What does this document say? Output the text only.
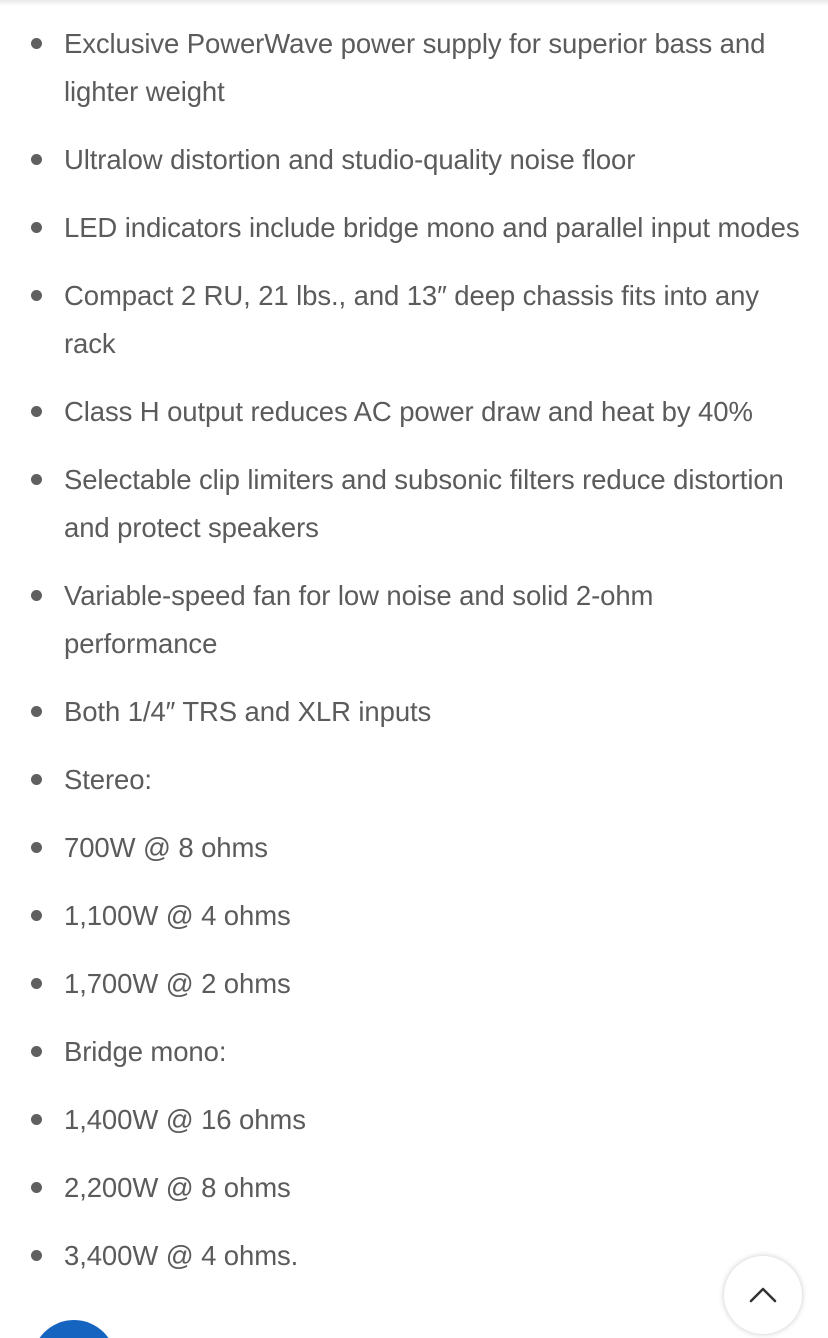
Exclusive PowerWave power supply for superior bass and lighter weight
Ultralow distortion and studio-quality noise floor
LED indicators include bridge mono and parallel input modes
Compact 2 RU, 21 lbs., and 13″ deep chassis fits into any rack
Class H output reduces AC power draw and heat by 40%
Selectable clip limiters and subsonic filters reduce distortion and protect speakers
Variable-speed fan for low noise and solid 2-ohm performance
Both 1/4″ TRS and XLR inputs
Stereo:
700W @ 8 ohms
1,100W @ 4 ohms
1,700W @ 2 ohms
Bridge mono:
1,400W @ 16 ohms
2,200W @ 8 ohms
3,400W @ 4 ohms.
